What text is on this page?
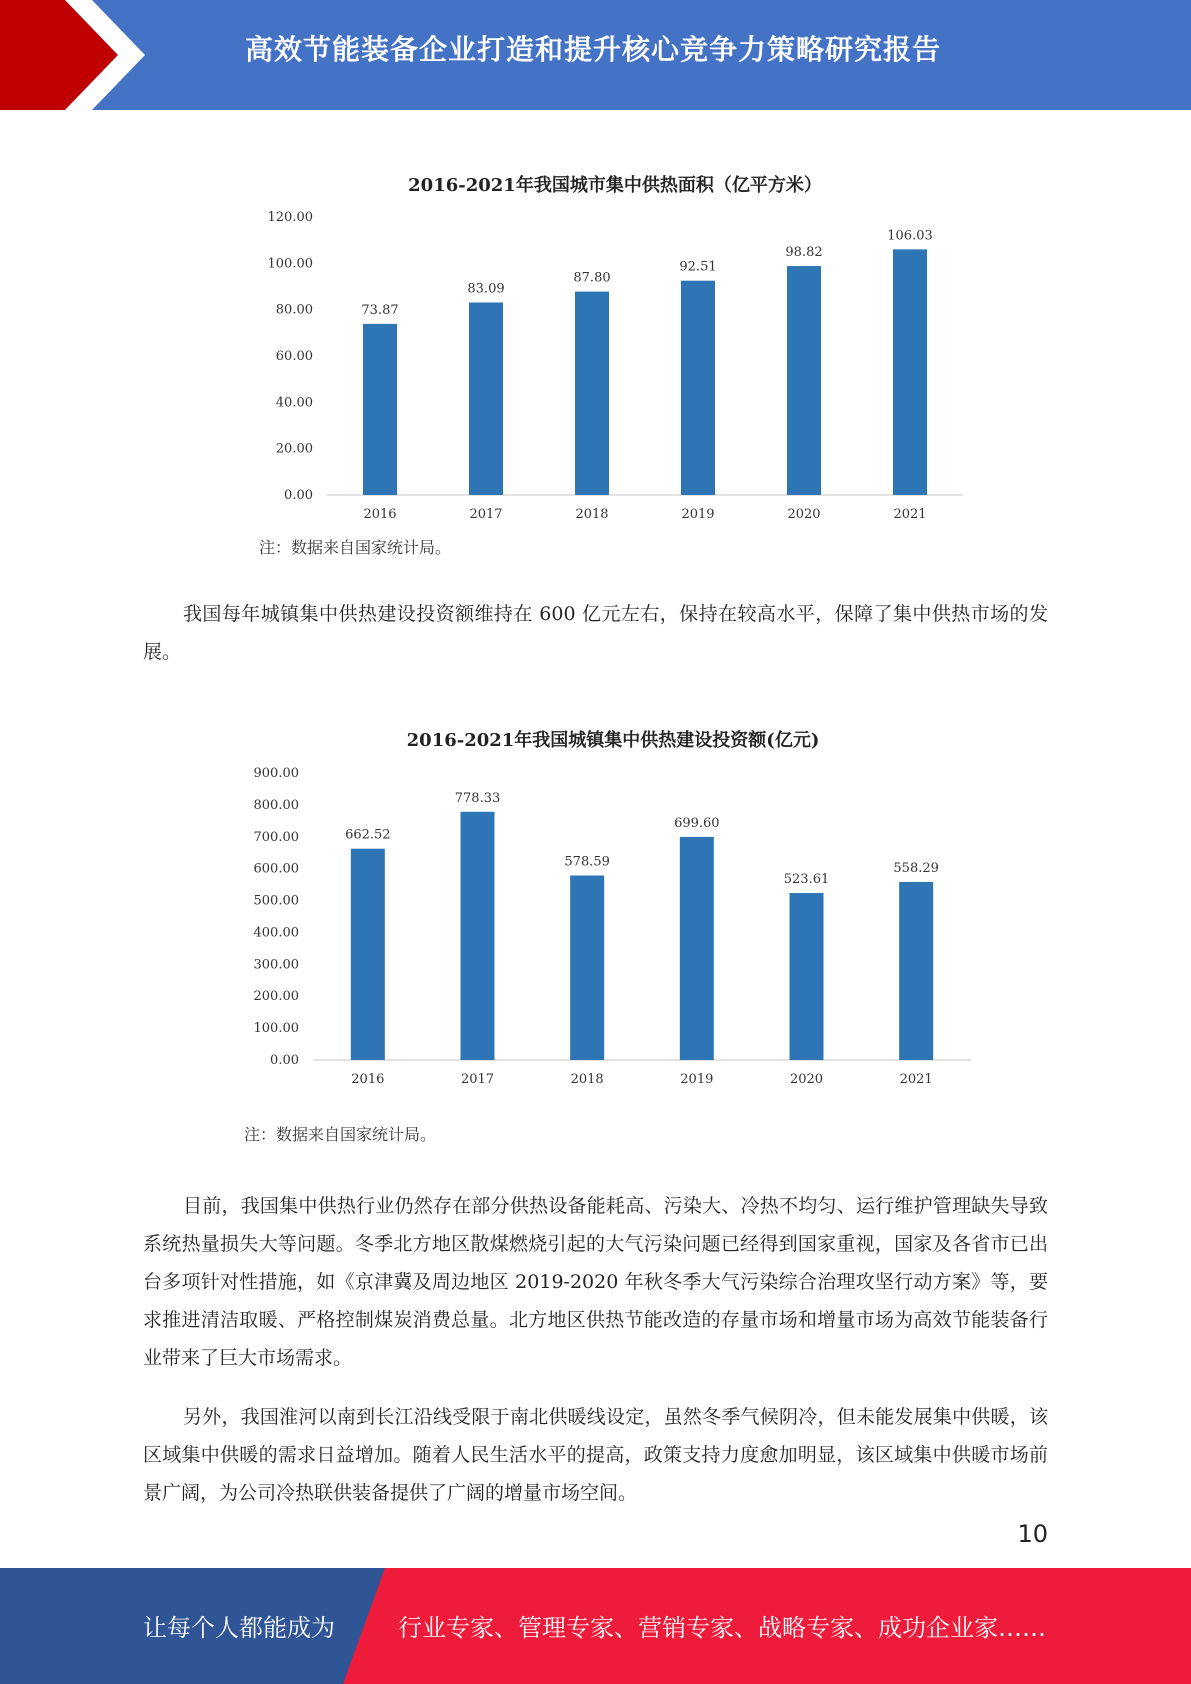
高效节能装备企业打造和提升核心竞争力策略研究报告
2016-2021年我国城市集中供热面积（亿平方米）
0.00
20.00
40.00
60.00
80.00
100.00
120.00
73.87
2016
83.09
2017
87.80
2018
92.51
2019
98.82
2020
106.03
2021
注：数据来自国家统计局。
我国每年城镇集中供热建设投资额维持在 600 亿元左右，保持在较高水平，保障了集中供热市场的发展。
2016-2021年我国城镇集中供热建设投资额(亿元)
0.00
100.00
200.00
300.00
400.00
500.00
600.00
700.00
800.00
900.00
662.52
2016
778.33
2017
578.59
2018
699.60
2019
523.61
2020
558.29
2021
注：数据来自国家统计局。
目前，我国集中供热行业仍然存在部分供热设备能耗高、污染大、冷热不均匀、运行维护管理缺失导致系统热量损失大等问题。冬季北方地区散煤燃烧引起的大气污染问题已经得到国家重视，国家及各省市已出台多项针对性措施，如《京津冀及周边地区 2019-2020 年秋冬季大气污染综合治理攻坚行动方案》等，要求推进清洁取暖、严格控制煤炭消费总量。北方地区供热节能改造的存量市场和增量市场为高效节能装备行业带来了巨大市场需求。
另外，我国淮河以南到长江沿线受限于南北供暖线设定，虽然冬季气候阴冷，但未能发展集中供暖，该区域集中供暖的需求日益增加。随着人民生活水平的提高，政策支持力度愈加明显，该区域集中供暖市场前景广阔，为公司冷热联供装备提供了广阔的增量市场空间。
10
让每个人都能成为	行业专家、管理专家、营销专家、战略专家、成功企业家……
